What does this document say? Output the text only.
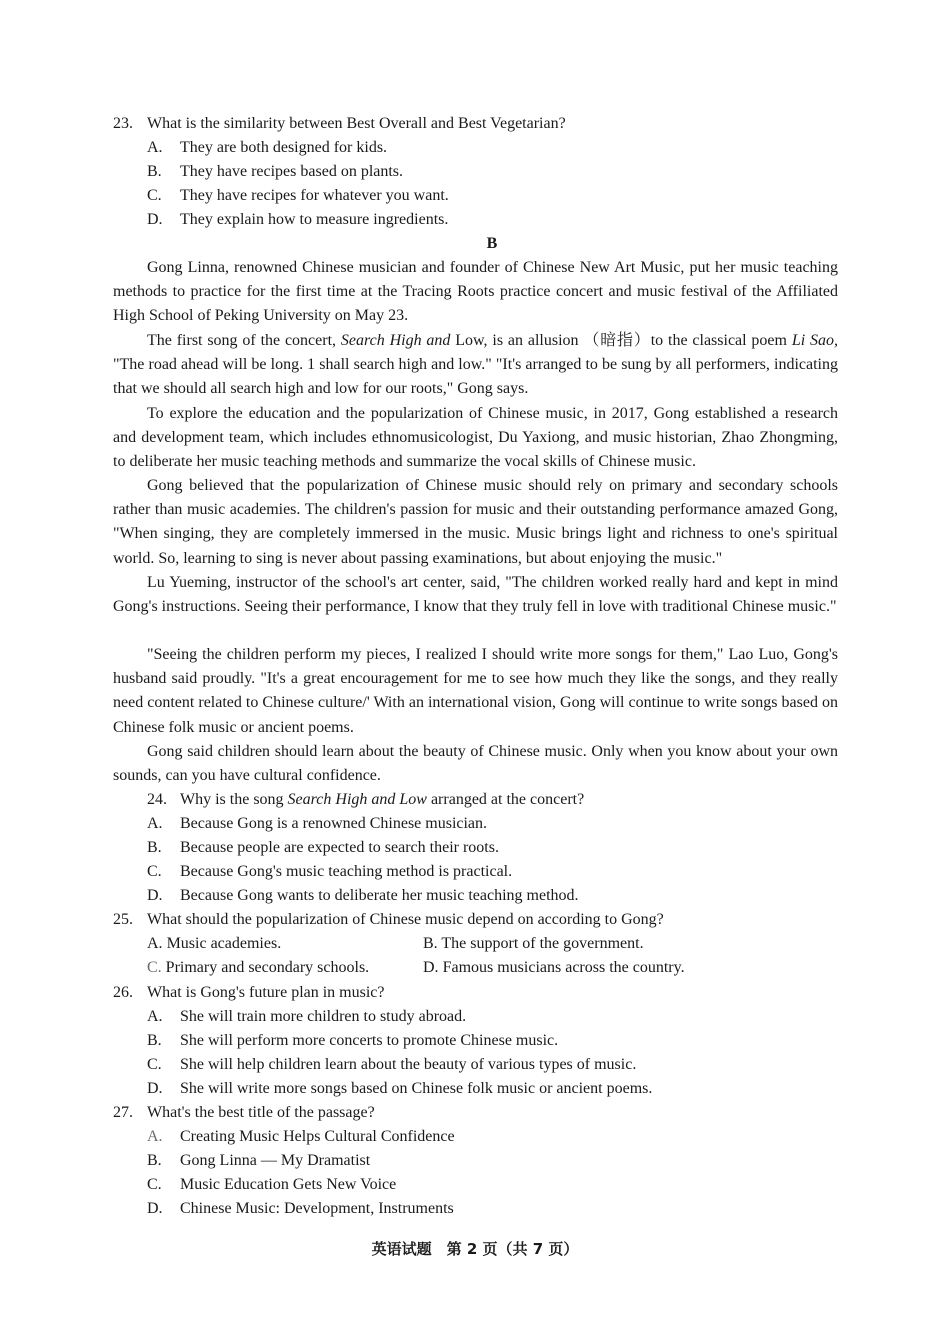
23. What is the similarity between Best Overall and Best Vegetarian?
A. They are both designed for kids.
B. They have recipes based on plants.
C. They have recipes for whatever you want.
D. They explain how to measure ingredients.
B

Gong Linna, renowned Chinese musician and founder of Chinese New Art Music, put her music teaching methods to practice for the first time at the Tracing Roots practice concert and music festival of the Affiliated High School of Peking University on May 23.

The first song of the concert, Search High and Low, is an allusion （暗指）to the classical poem Li Sao, "The road ahead will be long. 1 shall search high and low." "It's arranged to be sung by all performers, indicating that we should all search high and low for our roots," Gong says.

To explore the education and the popularization of Chinese music, in 2017, Gong established a research and development team, which includes ethnomusicologist, Du Yaxiong, and music historian, Zhao Zhongming, to deliberate her music teaching methods and summarize the vocal skills of Chinese music.

Gong believed that the popularization of Chinese music should rely on primary and secondary schools rather than music academies. The children's passion for music and their outstanding performance amazed Gong, "When singing, they are completely immersed in the music. Music brings light and richness to one's spiritual world. So, learning to sing is never about passing examinations, but about enjoying the music."

Lu Yueming, instructor of the school's art center, said, "The children worked really hard and kept in mind Gong's instructions. Seeing their performance, I know that they truly fell in love with traditional Chinese music."

"Seeing the children perform my pieces, I realized I should write more songs for them," Lao Luo, Gong's husband said proudly. "It's a great encouragement for me to see how much they like the songs, and they really need content related to Chinese culture/' With an international vision, Gong will continue to write songs based on Chinese folk music or ancient poems.

Gong said children should learn about the beauty of Chinese music. Only when you know about your own sounds, can you have cultural confidence.

24. Why is the song Search High and Low arranged at the concert?
A. Because Gong is a renowned Chinese musician.
B. Because people are expected to search their roots.
C. Because Gong's music teaching method is practical.
D. Because Gong wants to deliberate her music teaching method.
25. What should the popularization of Chinese music depend on according to Gong?
A. Music academies.	B. The support of the government.
C. Primary and secondary schools.	D. Famous musicians across the country.
26. What is Gong's future plan in music?
A. She will train more children to study abroad.
B. She will perform more concerts to promote Chinese music.
C. She will help children learn about the beauty of various types of music.
D. She will write more songs based on Chinese folk music or ancient poems.
27. What's the best title of the passage?
A. Creating Music Helps Cultural Confidence
B. Gong Linna — My Dramatist
C. Music Education Gets New Voice
D. Chinese Music: Development, Instruments
英语试题　第 2 页（共 7 页）
